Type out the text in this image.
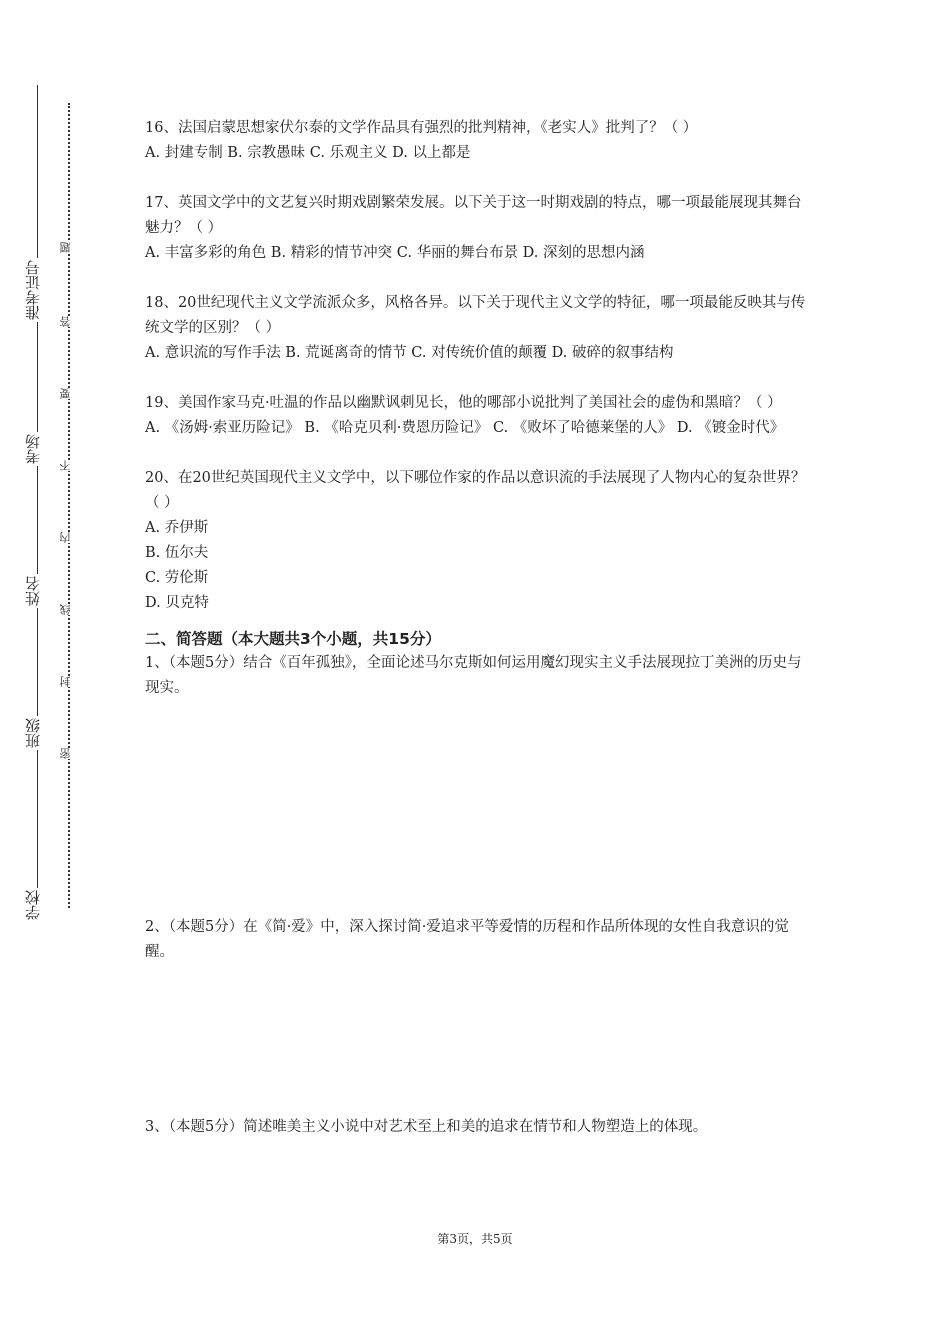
准考证号
考场
姓名
班级
学校
题
答
要
不
内
线
封
密

16、法国启蒙思想家伏尔泰的文学作品具有强烈的批判精神，《老实人》批判了？（ ）

A. 封建专制 B. 宗教愚昧 C. 乐观主义 D. 以上都是

17、英国文学中的文艺复兴时期戏剧繁荣发展。以下关于这一时期戏剧的特点，哪一项最能展现其舞台魅力？（ ）

A. 丰富多彩的角色 B. 精彩的情节冲突 C. 华丽的舞台布景 D. 深刻的思想内涵

18、20世纪现代主义文学流派众多，风格各异。以下关于现代主义文学的特征，哪一项最能反映其与传统文学的区别？（ ）

A. 意识流的写作手法 B. 荒诞离奇的情节 C. 对传统价值的颠覆 D. 破碎的叙事结构

19、美国作家马克·吐温的作品以幽默讽刺见长，他的哪部小说批判了美国社会的虚伪和黑暗？（ ）

A. 《汤姆·索亚历险记》 B. 《哈克贝利·费恩历险记》 C. 《败坏了哈德莱堡的人》 D. 《镀金时代》

20、在20世纪英国现代主义文学中，以下哪位作家的作品以意识流的手法展现了人物内心的复杂世界？（ ）

A. 乔伊斯

B. 伍尔夫

C. 劳伦斯

D. 贝克特

二、简答题（本大题共3个小题，共15分）

1、（本题5分）结合《百年孤独》，全面论述马尔克斯如何运用魔幻现实主义手法展现拉丁美洲的历史与现实。

2、（本题5分）在《简·爱》中，深入探讨简·爱追求平等爱情的历程和作品所体现的女性自我意识的觉醒。

3、（本题5分）简述唯美主义小说中对艺术至上和美的追求在情节和人物塑造上的体现。

第3页，共5页
